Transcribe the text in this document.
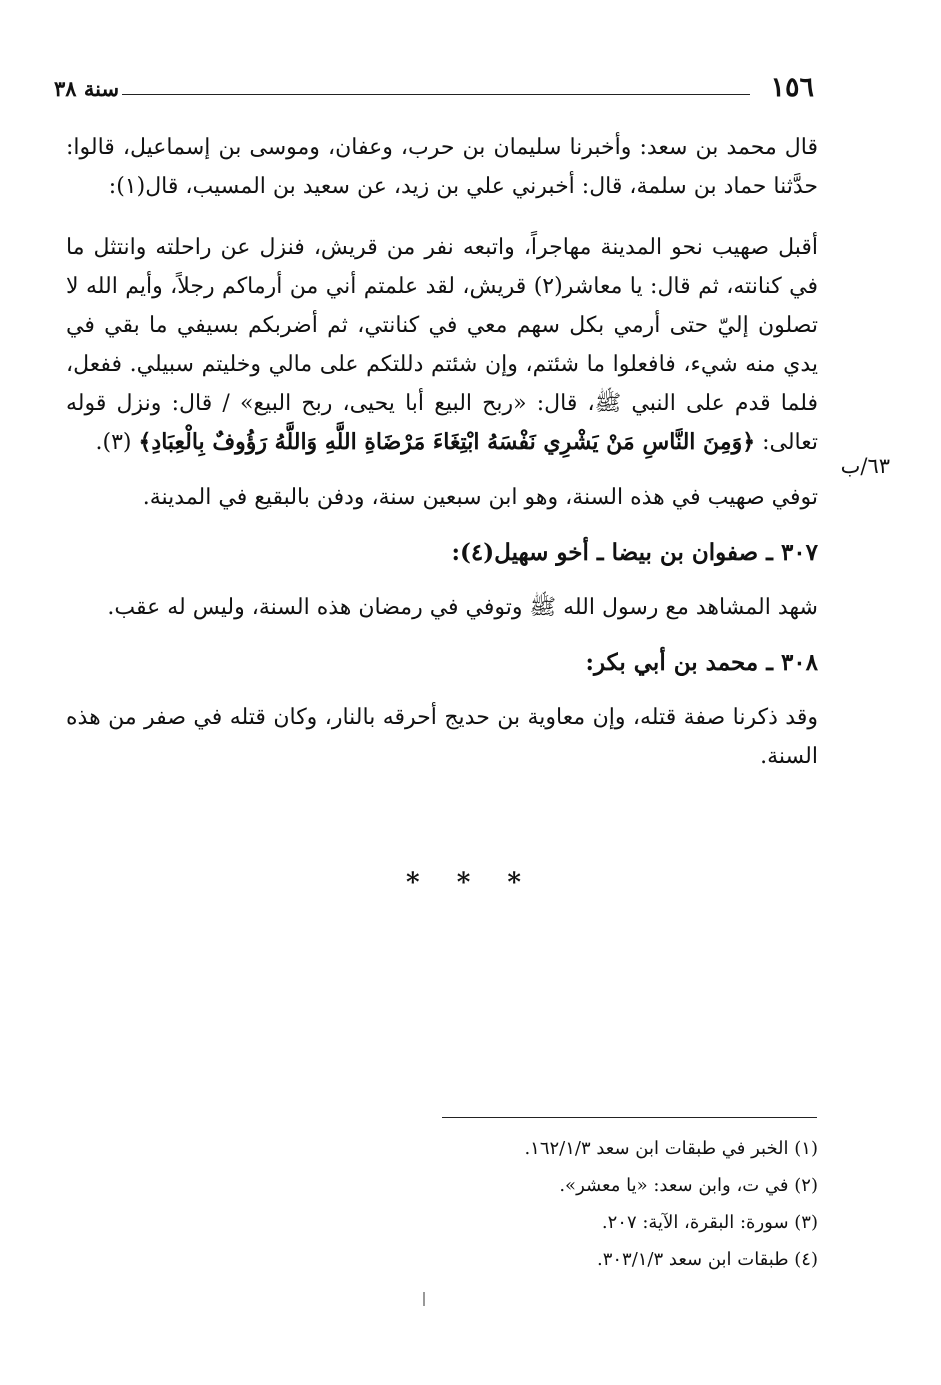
١٥٦
سنة ٣٨

قال محمد بن سعد: وأخبرنا سليمان بن حرب، وعفان، وموسى بن إسماعيل، قالوا: حدَّثنا حماد بن سلمة، قال: أخبرني علي بن زيد، عن سعيد بن المسيب، قال(١):

أقبل صهيب نحو المدينة مهاجراً، واتبعه نفر من قريش، فنزل عن راحلته وانتثل ما في كنانته، ثم قال: يا معاشر(٢) قريش، لقد علمتم أني من أرماكم رجلاً، وأيم الله لا تصلون إليّ حتى أرمي بكل سهم معي في كنانتي، ثم أضربكم بسيفي ما بقي في يدي منه شيء، فافعلوا ما شئتم، وإن شئتم دللتكم على مالي وخليتم سبيلي. ففعل، فلما قدم على النبي ﷺ، قال: «ربح البيع أبا يحيى، ربح البيع» / قال: ونزل قوله تعالى: ﴿وَمِنَ النَّاسِ مَنْ يَشْرِي نَفْسَهُ ابْتِغَاءَ مَرْضَاةِ اللَّهِ وَاللَّهُ رَؤُوفٌ بِالْعِبَادِ﴾ (٣).

توفي صهيب في هذه السنة، وهو ابن سبعين سنة، ودفن بالبقيع في المدينة.

٣٠٧ ـ صفوان بن بيضا ـ أخو سهيل(٤):

شهد المشاهد مع رسول الله ﷺ وتوفي في رمضان هذه السنة، وليس له عقب.

٣٠٨ ـ محمد بن أبي بكر:

وقد ذكرنا صفة قتله، وإن معاوية بن حديج أحرقه بالنار، وكان قتله في صفر من هذه السنة.

٦٣/ب
* * *
(١) الخبر في طبقات ابن سعد ١٦٢/١/٣.
(٢) في ت، وابن سعد: «يا معشر».
(٣) سورة: البقرة، الآية: ٢٠٧.
(٤) طبقات ابن سعد ٣٠٣/١/٣.
